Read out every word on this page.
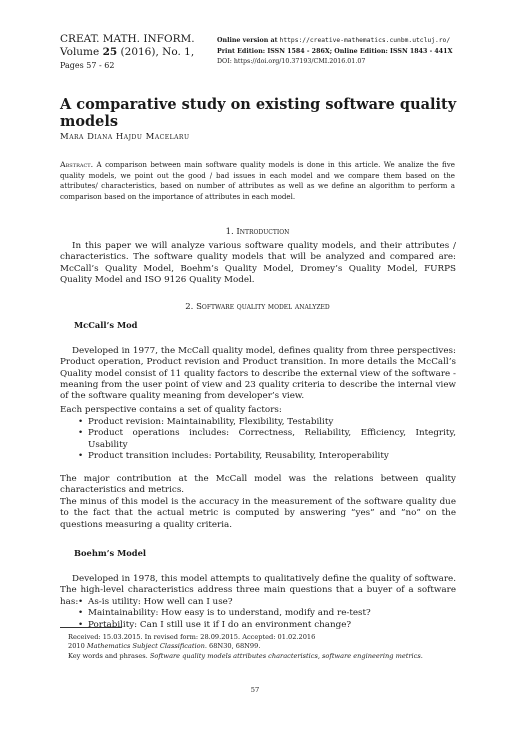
CREAT. MATH. INFORM.
Volume 25 (2016), No. 1,
Pages 57 - 62
Online version at https://creative-mathematics.cunbm.utcluj.ro/
Print Edition: ISSN 1584 - 286X; Online Edition: ISSN 1843 - 441X
DOI: https://doi.org/10.37193/CMI.2016.01.07
A comparative study on existing software quality models
Mara Diana Hajdu Macelaru
Abstract. A comparison between main software quality models is done in this article. We analize the five quality models, we point out the good / bad issues in each model and we compare them based on the attributes/ characteristics, based on number of attributes as well as we define an algorithm to perform a comparison based on the importance of attributes in each model.
1. Introduction
In this paper we will analyze various software quality models, and their attributes / characteristics. The software quality models that will be analyzed and compared are: McCall’s Quality Model, Boehm’s Quality Model, Dromey’s Quality Model, FURPS Quality Model and ISO 9126 Quality Model.
2. Software quality model analyzed
McCall’s Mod
Developed in 1977, the McCall quality model, defines quality from three perspectives: Product operation, Product revision and Product transition. In more details the McCall’s Quality model consist of 11 quality factors to describe the external view of the software - meaning from the user point of view and 23 quality criteria to describe the internal view of the software quality meaning from developer’s view.
Each perspective contains a set of quality factors:
• Product revision: Maintainability, Flexibility, Testability
• Product operations includes: Correctness, Reliability, Efficiency, Integrity, Usability
• Product transition includes: Portability, Reusability, Interoperability
The major contribution at the McCall model was the relations between quality characteristics and metrics.
The minus of this model is the accuracy in the measurement of the software quality due to the fact that the actual metric is computed by answering ”yes” and ”no” on the questions measuring a quality criteria.
Boehm’s Model
Developed in 1978, this model attempts to qualitatively define the quality of software. The high-level characteristics address three main questions that a buyer of a software has: • As-is utility: How well can I use?
• Maintainability: How easy is to understand, modify and re-test?
• Portability: Can I still use it if I do an environment change?
Received: 15.03.2015. In revised form: 28.09.2015. Accepted: 01.02.2016
2010 Mathematics Subject Classification. 68N30, 68N99.
Key words and phrases. Software quality models attributes characteristics, software engineering metrics.
57
